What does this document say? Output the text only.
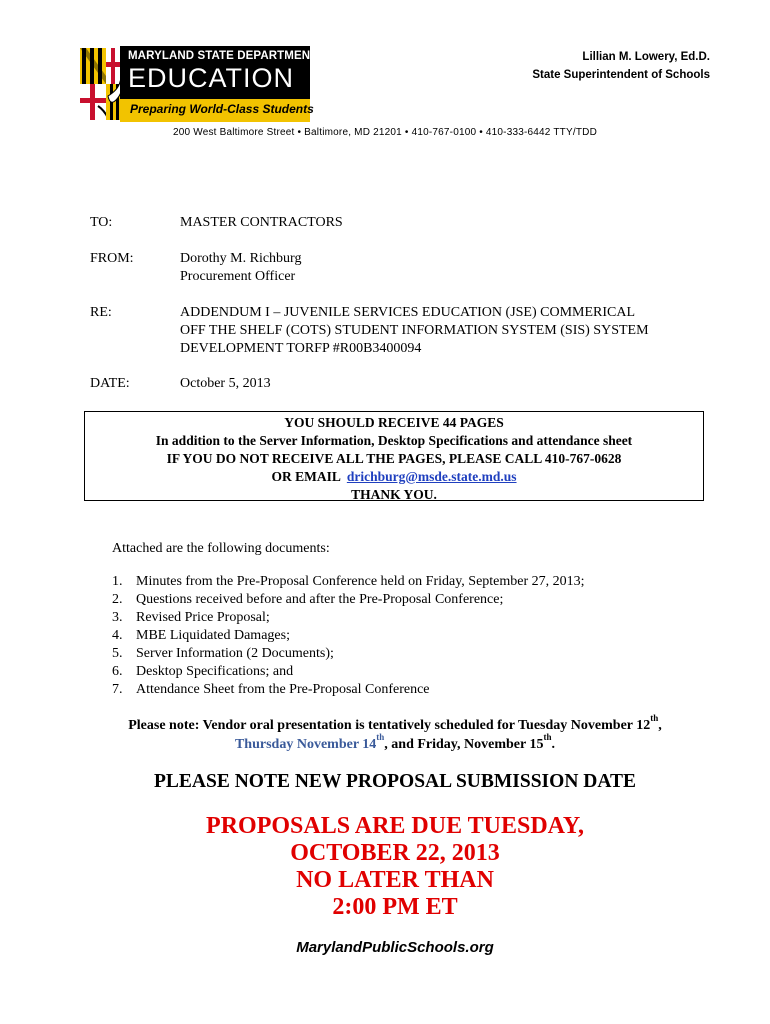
MARYLAND STATE DEPARTMENT OF
EDUCATION
Preparing World-Class Students
Lillian M. Lowery, Ed.D.
State Superintendent of Schools
200 West Baltimore Street • Baltimore, MD 21201 • 410-767-0100 • 410-333-6442 TTY/TDD
TO:	MASTER CONTRACTORS
FROM:	Dorothy M. Richburg
Procurement Officer
RE:	ADDENDUM I – JUVENILE SERVICES EDUCATION (JSE) COMMERICAL
OFF THE SHELF (COTS) STUDENT INFORMATION SYSTEM (SIS) SYSTEM
DEVELOPMENT TORFP #R00B3400094
DATE:	October 5, 2013
YOU SHOULD RECEIVE 44 PAGES
In addition to the Server Information, Desktop Specifications and attendance sheet
IF YOU DO NOT RECEIVE ALL THE PAGES, PLEASE CALL 410-767-0628
OR EMAIL  drichburg@msde.state.md.us
THANK YOU.
Attached are the following documents:
1. Minutes from the Pre-Proposal Conference held on Friday, September 27, 2013;
2. Questions received before and after the Pre-Proposal Conference;
3. Revised Price Proposal;
4. MBE Liquidated Damages;
5. Server Information (2 Documents);
6. Desktop Specifications; and
7. Attendance Sheet from the Pre-Proposal Conference
Please note: Vendor oral presentation is tentatively scheduled for Tuesday November 12th,
Thursday November 14th, and Friday, November 15th.
PLEASE NOTE NEW PROPOSAL SUBMISSION DATE
PROPOSALS ARE DUE TUESDAY,
OCTOBER 22, 2013
NO LATER THAN
2:00 PM ET
MarylandPublicSchools.org
